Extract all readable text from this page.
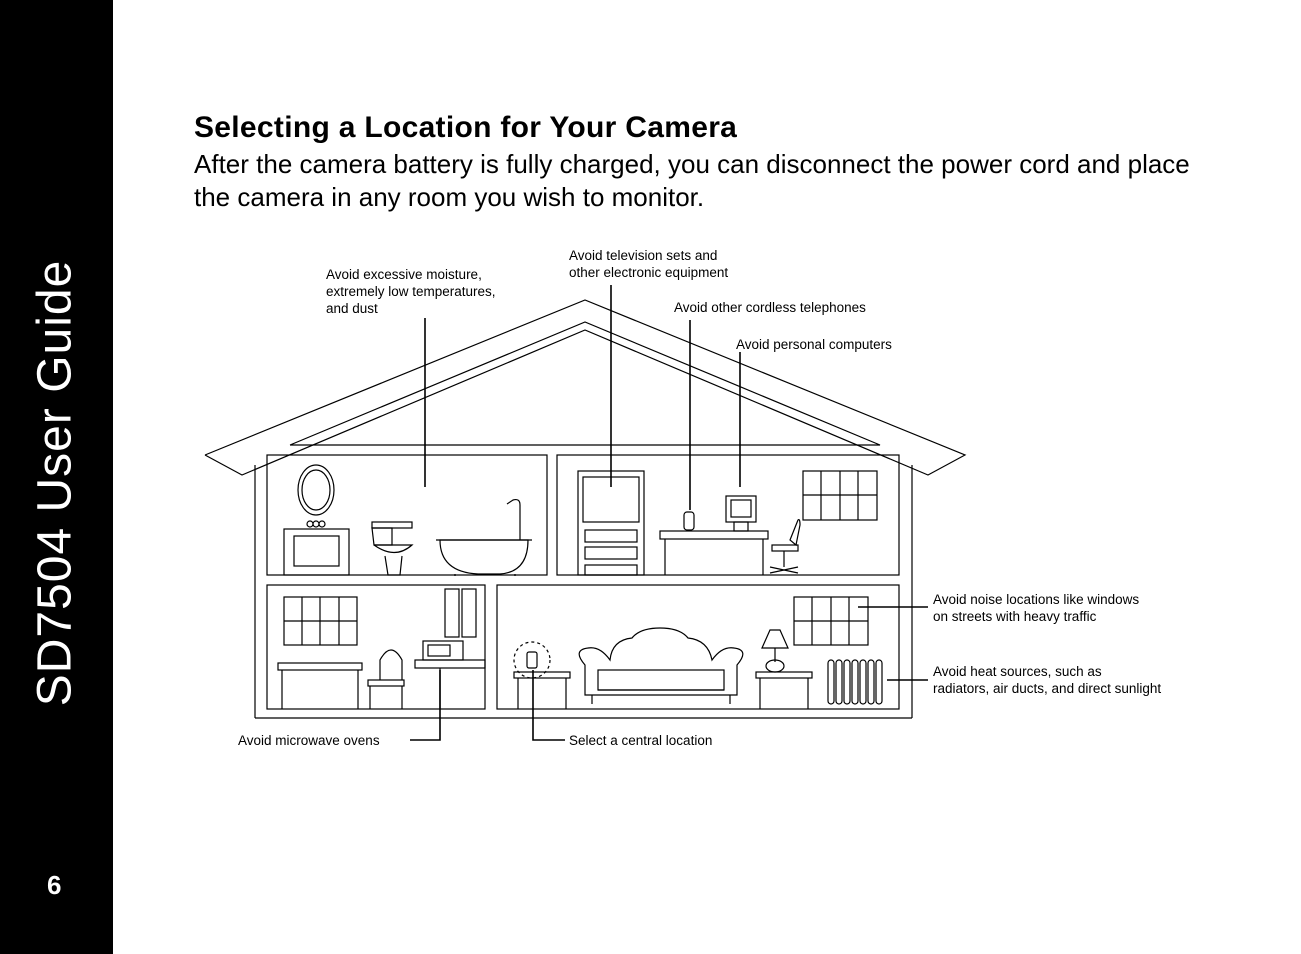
SD7504 User Guide
6
Selecting a Location for Your Camera
After the camera battery is fully charged, you can disconnect the power cord and place the camera in any room you wish to monitor.
Avoid excessive moisture, extremely low temperatures, and dust
Avoid television sets and other electronic equipment
Avoid other cordless telephones
Avoid personal computers
Avoid noise locations like windows on streets with heavy traffic
Avoid heat sources, such as radiators, air ducts, and direct sunlight
Avoid microwave ovens	Select a central location
